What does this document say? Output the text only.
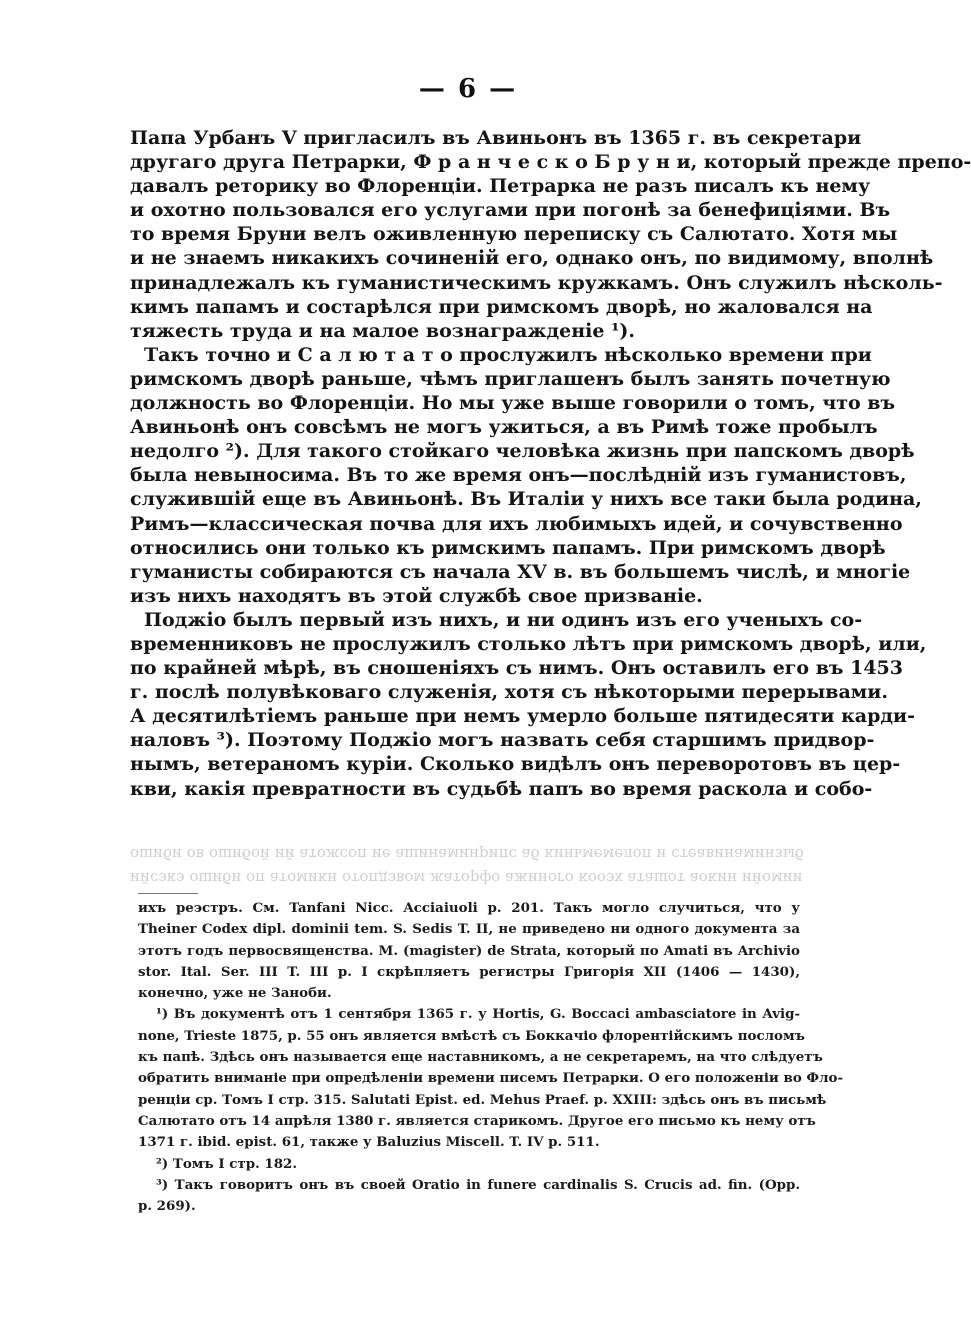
— 6 —
Папа Урбанъ V пригласилъ въ Авиньонъ въ 1365 г. въ секретари
другаго друга Петрарки, Ф р а н ч е с к о Б р у н и, который прежде препо-
давалъ реторику во Флоренціи. Петрарка не разъ писалъ къ нему
и охотно пользовался его услугами при погонѣ за бенефиціями. Въ
то время Бруни велъ оживленную переписку съ Салютато. Хотя мы
и не знаемъ никакихъ сочиненій его, однако онъ, по видимому, вполнѣ
принадлежалъ къ гуманистическимъ кружкамъ. Онъ служилъ нѣсколь-
кимъ папамъ и состарѣлся при римскомъ дворѣ, но жаловался на
тяжесть труда и на малое вознагражденіе ¹).
Такъ точно и С а л ю т а т о прослужилъ нѣсколько времени при
римскомъ дворѣ раньше, чѣмъ приглашенъ былъ занять почетную
должность во Флоренціи. Но мы уже выше говорили о томъ, что въ
Авиньонѣ онъ совсѣмъ не могъ ужиться, а въ Римѣ тоже пробылъ
недолго ²). Для такого стойкаго человѣка жизнь при папскомъ дворѣ
была невыносима. Въ то же время онъ—послѣдній изъ гуманистовъ,
служившій еще въ Авиньонѣ. Въ Италіи у нихъ все таки была родина,
Римъ—классическая почва для ихъ любимыхъ идей, и сочувственно
относились они только къ римскимъ папамъ. При римскомъ дворѣ
гуманисты собираются съ начала XV в. въ большемъ числѣ, и многіе
изъ нихъ находятъ въ этой службѣ свое призваніе.
Поджіо былъ первый изъ нихъ, и ни одинъ изъ его ученыхъ со-
временниковъ не прослужилъ столько лѣтъ при римскомъ дворѣ, или,
по крайней мѣрѣ, въ сношеніяхъ съ нимъ. Онъ оставилъ его въ 1453
г. послѣ полувѣковаго служенія, хотя съ нѣкоторыми перерывами.
А десятилѣтіемъ раньше при немъ умерло больше пятидесяти карди-
наловъ ³). Поэтому Поджіо могъ назвать себя старшимъ придвор-
нымъ, ветераномъ куріи. Сколько видѣлъ онъ переворотовъ въ цер-
кви, какія превратности въ судьбѣ папъ во время раскола и собо-
ошиби ов ошибой ий атожсоп ие ашинаминрипс аб киньмемелоп и стеавинаминзыб
ийсэкэ ошиби оп атомикн отопдэвом жаторфо ажиного кооэх аташот аокин ийомии
ихъ реэстръ. См. Tanfani Nicc. Acciaiuoli p. 201. Такъ могло случиться, что у
Theiner Codex dipl. dominii tem. S. Sedis T. II, не приведено ни одного документа за
этотъ годъ первосвященства. M. (magister) de Strata, который по Amati въ Archivio
stor. Ital. Ser. III T. III p. I скрѣпляетъ регистры Григорія XII (1406 — 1430),
конечно, уже не Заноби.
¹) Въ документѣ отъ 1 сентября 1365 г. у Hortis, G. Boccaci ambasciatore in Avig-
none, Trieste 1875, p. 55 онъ является вмѣстѣ съ Боккачіо флорентійскимъ посломъ
къ папѣ. Здѣсь онъ называется еще наставникомъ, а не секретаремъ, на что слѣдуетъ
обратить вниманіе при опредѣленіи времени писемъ Петрарки. О его положеніи во Фло-
ренціи ср. Томъ I стр. 315. Salutati Epist. ed. Mehus Praef. p. XXIII: здѣсь онъ въ письмѣ
Салютато отъ 14 апрѣля 1380 г. является старикомъ. Другое его письмо къ нему отъ
1371 г. ibid. epist. 61, также у Baluzius Miscell. T. IV p. 511.
²) Томъ I стр. 182.
³) Такъ говоритъ онъ въ своей Oratio in funere cardinalis S. Crucis ad. fin. (Opp.
p. 269).
